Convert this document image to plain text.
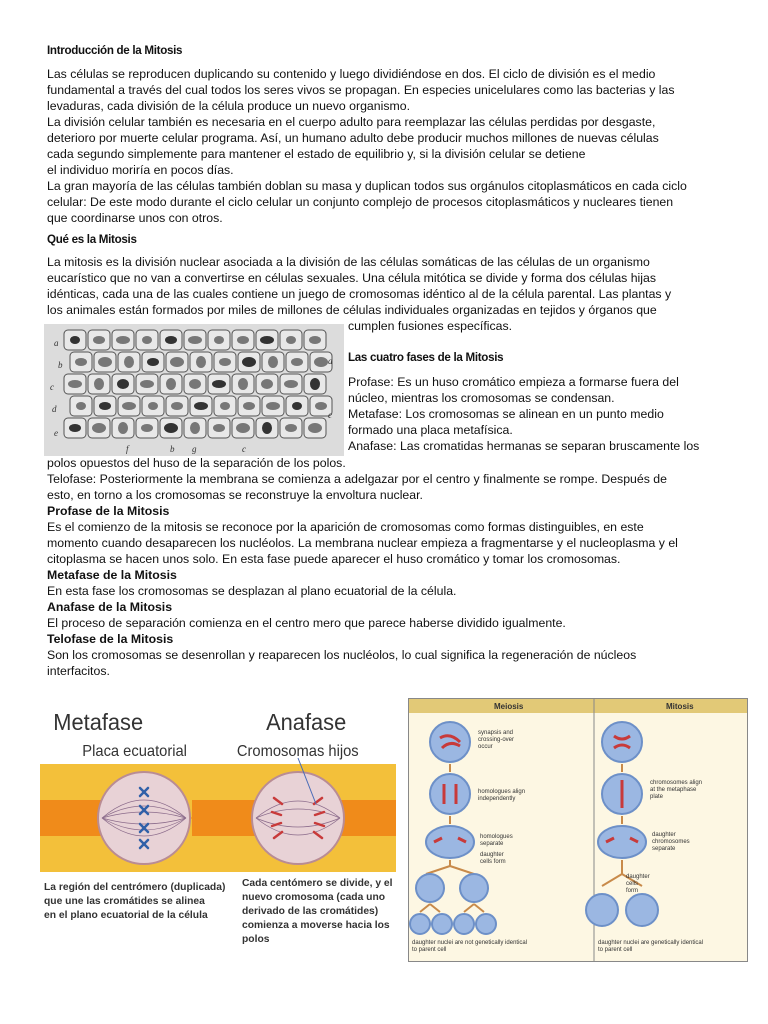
Introducción de la Mitosis

Las células se reproducen duplicando su contenido y luego dividiéndose en dos. El ciclo de división es el medio

fundamental a través del cual todos los seres vivos se propagan. En especies unicelulares como las bacterias y las

levaduras, cada división de la célula produce un nuevo organismo.

La división celular también es necesaria en el cuerpo adulto para reemplazar las células perdidas por desgaste,

deterioro por muerte celular programa. Así, un humano adulto debe producir muchos millones de nuevas células

cada segundo simplemente para mantener el estado de equilibrio y, si la división celular se detiene

el individuo moriría en pocos días.

La gran mayoría de las células también doblan su masa y duplican todos sus orgánulos citoplasmáticos en cada ciclo

celular: De este modo durante el ciclo celular un conjunto complejo de procesos citoplasmáticos y nucleares tienen

que coordinarse unos con otros.

Qué es la Mitosis

La mitosis es la división nuclear asociada a la división de las células somáticas de las células de un organismo

eucarístico que no van a convertirse en células sexuales. Una célula mitótica se divide y forma dos células hijas

idénticas, cada una de las cuales contiene un juego de cromosomas idéntico al de la célula parental. Las plantas y

los animales están formados por miles de millones de células individuales organizadas en tejidos y órganos que

cumplen fusiones específicas.

Las cuatro fases de la Mitosis

Profase: Es un huso cromático empieza a formarse fuera del

núcleo, mientras los cromosomas se condensan.

Metafase: Los cromosomas se alinean en un punto medio

formado una placa metafísica.

Anafase: Las cromatidas hermanas se separan bruscamente los

polos opuestos del huso de la separación de los polos.

Telofase: Posteriormente la membrana se comienza a adelgazar por el centro y finalmente se rompe. Después de

esto, en torno a los cromosomas se reconstruye la envoltura nuclear.

Profase de la Mitosis

Es el comienzo de la mitosis se reconoce por la aparición de cromosomas como formas distinguibles, en este

momento cuando desaparecen los nucléolos. La membrana nuclear empieza a fragmentarse y el nucleoplasma y el

citoplasma se hacen unos solo. En esta fase puede aparecer el huso cromático y tomar los cromosomas.

Metafase de la Mitosis

En esta fase los cromosomas se desplazan al plano ecuatorial de la célula.

Anafase de la Mitosis

El proceso de separación comienza en el centro mero que parece haberse dividido igualmente.

Telofase de la Mitosis

Son los cromosomas se desenrollan y reaparecen los nucléolos, lo cual significa la regeneración de núcleos

interfacitos.

a
b
c
d
e
f	g	c
b
a
c
Metafase
Placa ecuatorial
Anafase
Cromosomas hijos
La región del centrómero (duplicada)
que une las cromátides se alinea
en el plano ecuatorial de la célula
Cada centómero se divide, y el
nuevo cromosoma (cada uno
derivado de las cromátides)
comienza a moverse hacia los
polos
Meiosis	Mitosis
synapsis and
crossing-over
occur
homologues align
independently
homologues
separate
daughter
cells form
daughter nuclei are not genetically identical
to parent cell
chromosomes align
at the metaphase
plate
daughter
chromosomes
separate
daughter
cells
form
daughter nuclei are genetically identical
to parent cell
